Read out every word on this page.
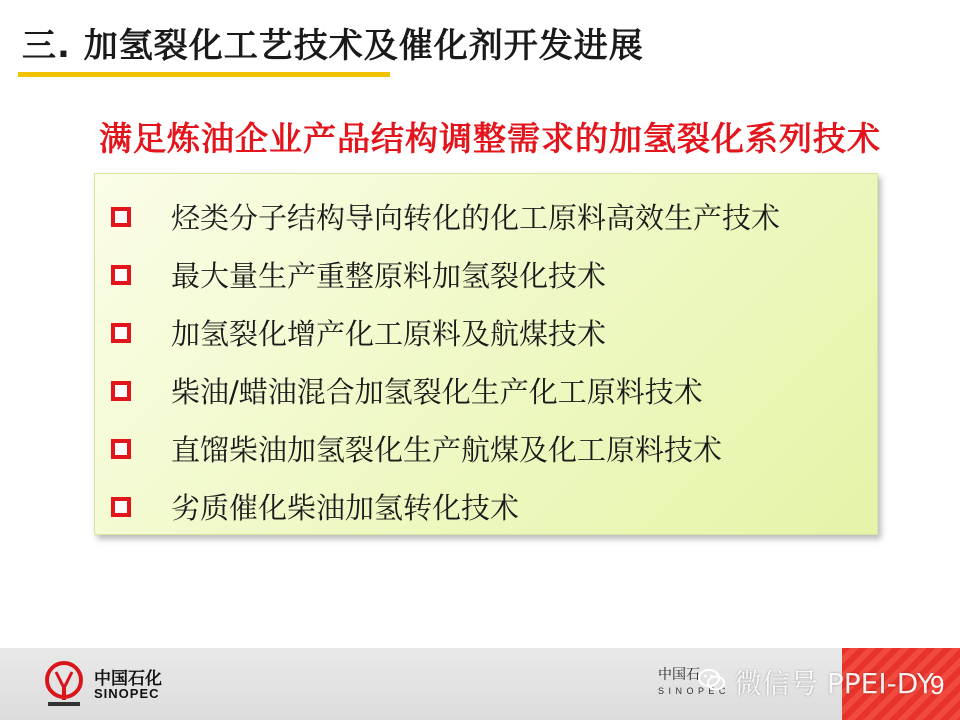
三. 加氢裂化工艺技术及催化剂开发进展
满足炼油企业产品结构调整需求的加氢裂化系列技术
烃类分子结构导向转化的化工原料高效生产技术
最大量生产重整原料加氢裂化技术
加氢裂化增产化工原料及航煤技术
柴油/蜡油混合加氢裂化生产化工原料技术
直馏柴油加氢裂化生产航煤及化工原料技术
劣质催化柴油加氢转化技术
中国石化
SINOPEC
中国石
S I N O P E C	9
微信号 PPEI-DY
